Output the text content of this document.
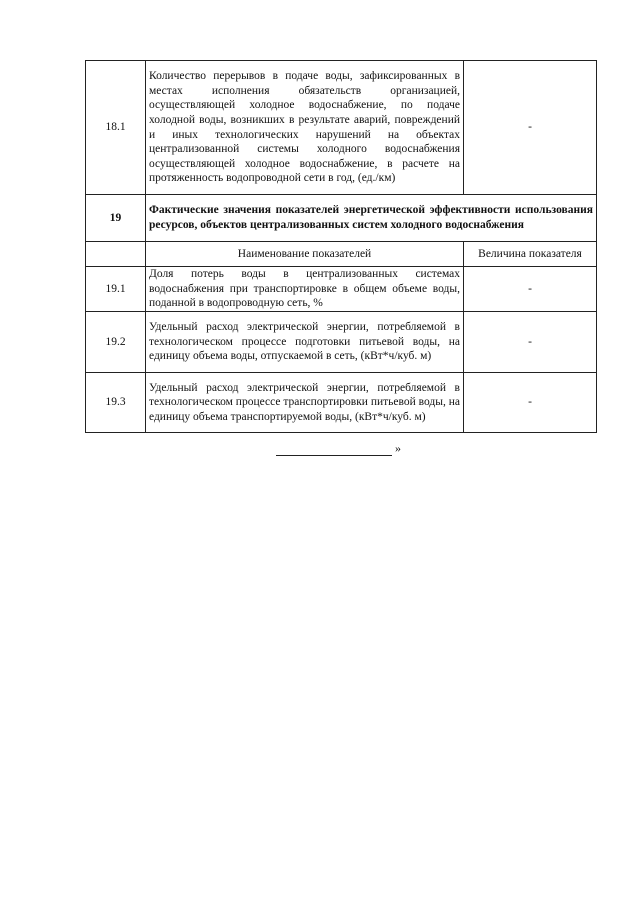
18.1	Количество перерывов в подаче воды, зафиксированных в местах исполнения обязательств организацией, осуществляющей холодное водоснабжение, по подаче холодной воды, возникших в результате аварий, повреждений и иных технологических нарушений на объектах централизованной системы холодного водоснабжения осуществляющей холодное водоснабжение, в расчете на протяженность водопроводной сети в год, (ед./км)	-
19	Фактические значения показателей энергетической эффективности использования ресурсов, объектов централизованных систем холодного водоснабжения	
	Наименование показателей	Величина показателя
19.1	Доля потерь воды в централизованных системах водоснабжения при транспортировке в общем объеме воды, поданной в водопроводную сеть, %	-
19.2	Удельный расход электрической энергии, потребляемой в технологическом процессе подготовки питьевой воды, на единицу объема воды, отпускаемой в сеть, (кВт*ч/куб. м)	-
19.3	Удельный расход электрической энергии, потребляемой в технологическом процессе транспортировки питьевой воды, на единицу объема транспортируемой воды, (кВт*ч/куб. м)	-
»
